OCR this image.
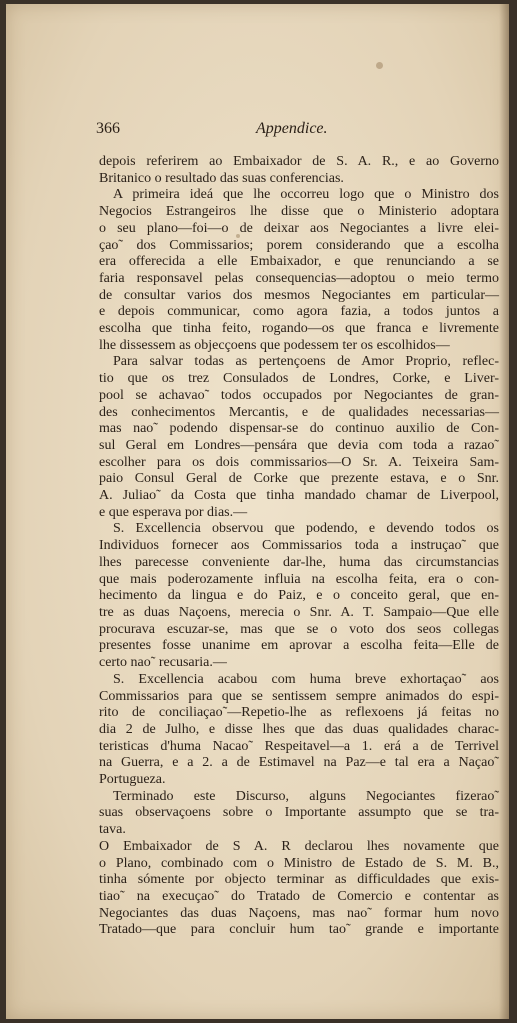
366	Appendice.
depois referirem ao Embaixador de S. A. R., e ao Governo
Britanico o resultado das suas conferencias.
A primeira ideá que lhe occorreu logo que o Ministro dos
Negocios Estrangeiros lhe disse que o Ministerio adoptara
o seu plano—foi—o de deixar aos Negociantes a livre elei-
çao˜ dos Commissarios; porem considerando que a escolha
era offerecida a elle Embaixador, e que renunciando a se
faria responsavel pelas consequencias—adoptou o meio termo
de consultar varios dos mesmos Negociantes em particular—
e depois communicar, como agora fazia, a todos juntos a
escolha que tinha feito, rogando—os que franca e livremente
lhe dissessem as objecçoens que podessem ter os escolhidos—
Para salvar todas as pertençoens de Amor Proprio, reflec-
tio que os trez Consulados de Londres, Corke, e Liver-
pool se achavao˜ todos occupados por Negociantes de gran-
des conhecimentos Mercantis, e de qualidades necessarias—
mas nao˜ podendo dispensar-se do continuo auxilio de Con-
sul Geral em Londres—pensára que devia com toda a razao˜
escolher para os dois commissarios—O Sr. A. Teixeira Sam-
paio Consul Geral de Corke que prezente estava, e o Snr.
A. Juliao˜ da Costa que tinha mandado chamar de Liverpool,
e que esperava por dias.—
S. Excellencia observou que podendo, e devendo todos os
Individuos fornecer aos Commissarios toda a instruçao˜ que
lhes parecesse conveniente dar-lhe, huma das circumstancias
que mais poderozamente influia na escolha feita, era o con-
hecimento da lingua e do Paiz, e o conceito geral, que en-
tre as duas Naçoens, merecia o Snr. A. T. Sampaio—Que elle
procurava escuzar-se, mas que se o voto dos seos collegas
presentes fosse unanime em aprovar a escolha feita—Elle de
certo nao˜ recusaria.—
S. Excellencia acabou com huma breve exhortaçao˜ aos
Commissarios para que se sentissem sempre animados do espi-
rito de conciliaçao˜—Repetio-lhe as reflexoens já feitas no
dia 2 de Julho, e disse lhes que das duas qualidades charac-
teristicas d'huma Nacao˜ Respeitavel—a 1. erá a de Terrivel
na Guerra, e a 2. a de Estimavel na Paz—e tal era a Naçao˜
Portugueza.
Terminado este Discurso, alguns Negociantes fizerao˜
suas observaçoens sobre o Importante assumpto que se tra-
tava.
O Embaixador de S A. R declarou lhes novamente que
o Plano, combinado com o Ministro de Estado de S. M. B.,
tinha sómente por objecto terminar as difficuldades que exis-
tiao˜ na execuçao˜ do Tratado de Comercio e contentar as
Negociantes das duas Naçoens, mas nao˜ formar hum novo
Tratado—que para concluir hum tao˜ grande e importante
